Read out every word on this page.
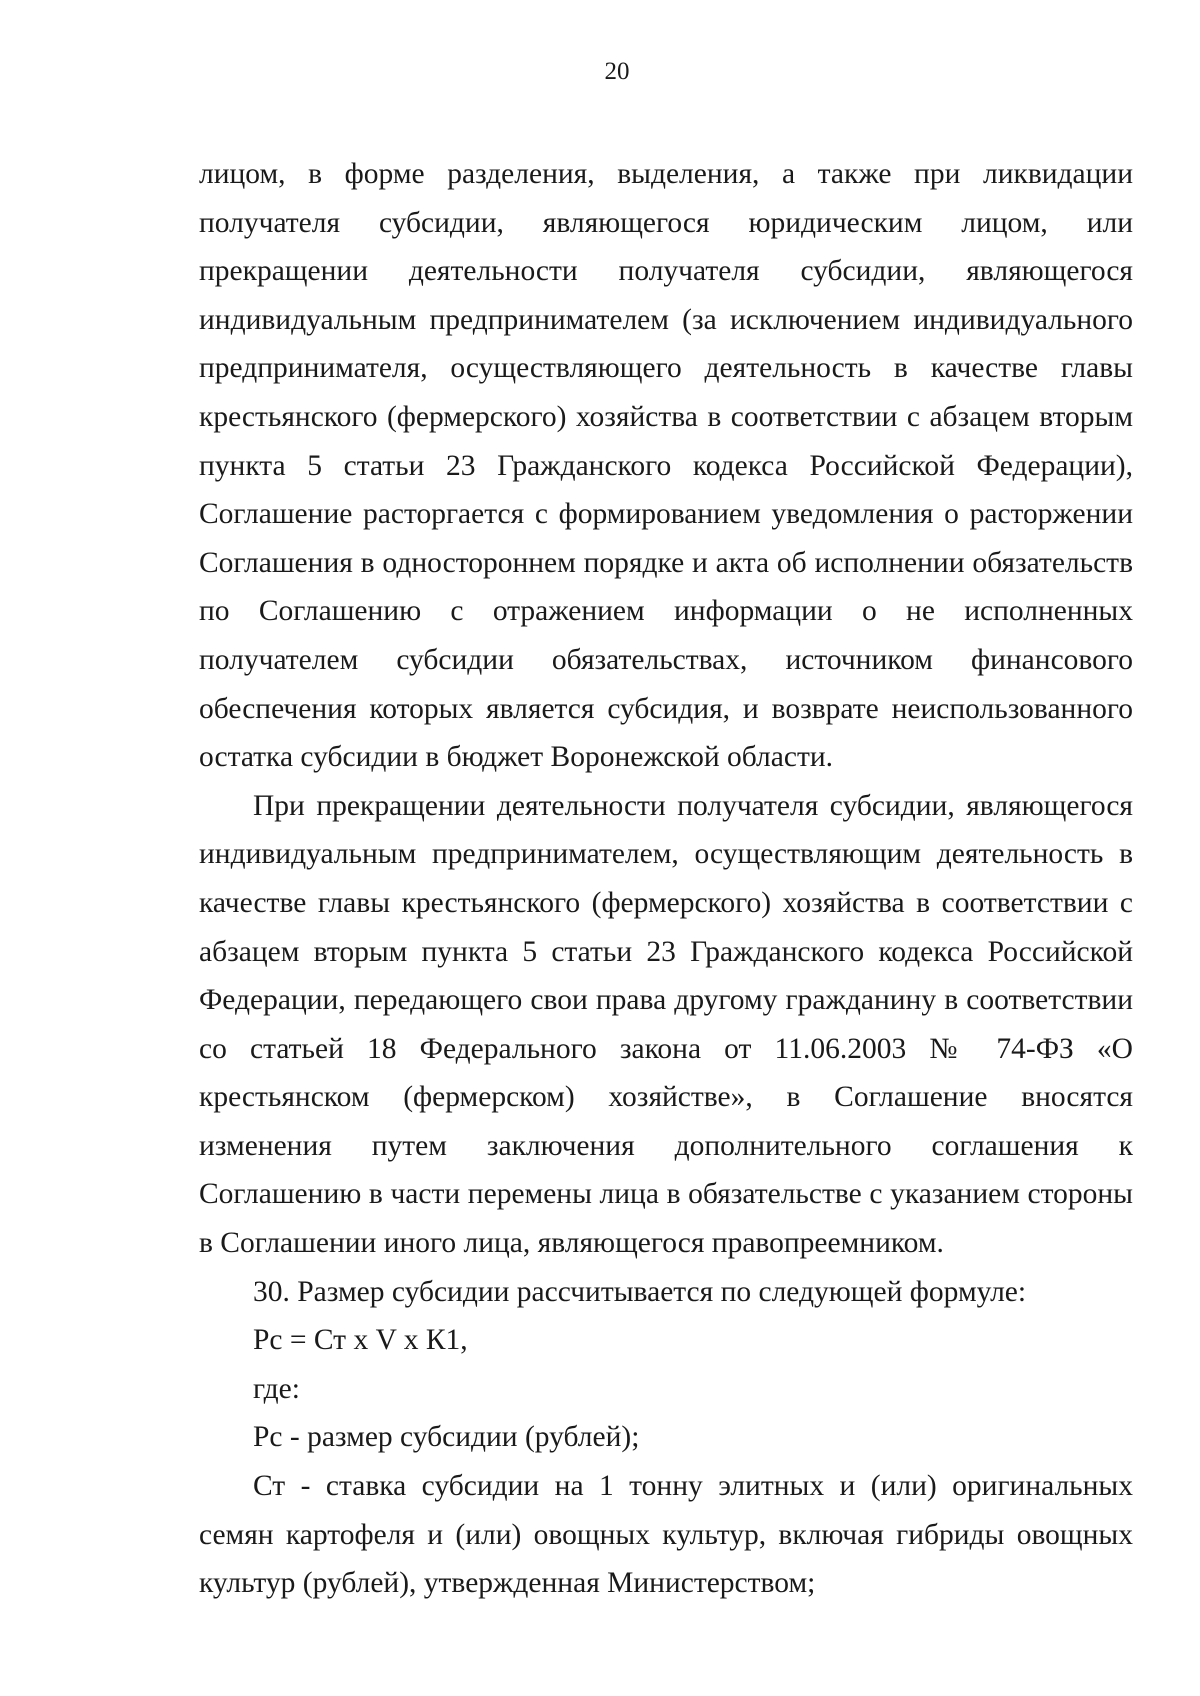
20

лицом, в форме разделения, выделения, а также при ликвидации получателя субсидии, являющегося юридическим лицом, или прекращении деятельности получателя субсидии, являющегося индивидуальным предпринимателем (за исключением индивидуального предпринимателя, осуществляющего деятельность в качестве главы крестьянского (фермерского) хозяйства в соответствии с абзацем вторым пункта 5 статьи 23 Гражданского кодекса Российской Федерации), Соглашение расторгается с формированием уведомления о расторжении Соглашения в одностороннем порядке и акта об исполнении обязательств по Соглашению с отражением информации о не исполненных получателем субсидии обязательствах, источником финансового обеспечения которых является субсидия, и возврате неиспользованного остатка субсидии в бюджет Воронежской области.

При прекращении деятельности получателя субсидии, являющегося индивидуальным предпринимателем, осуществляющим деятельность в качестве главы крестьянского (фермерского) хозяйства в соответствии с абзацем вторым пункта 5 статьи 23 Гражданского кодекса Российской Федерации, передающего свои права другому гражданину в соответствии со статьей 18 Федерального закона от 11.06.2003 № 74-ФЗ «О крестьянском (фермерском) хозяйстве», в Соглашение вносятся изменения путем заключения дополнительного соглашения к Соглашению в части перемены лица в обязательстве с указанием стороны в Соглашении иного лица, являющегося правопреемником.

30. Размер субсидии рассчитывается по следующей формуле:

Рс = Ст х V х К1,

где:

Рс - размер субсидии (рублей);

Ст - ставка субсидии на 1 тонну элитных и (или) оригинальных семян картофеля и (или) овощных культур, включая гибриды овощных культур (рублей), утвержденная Министерством;
